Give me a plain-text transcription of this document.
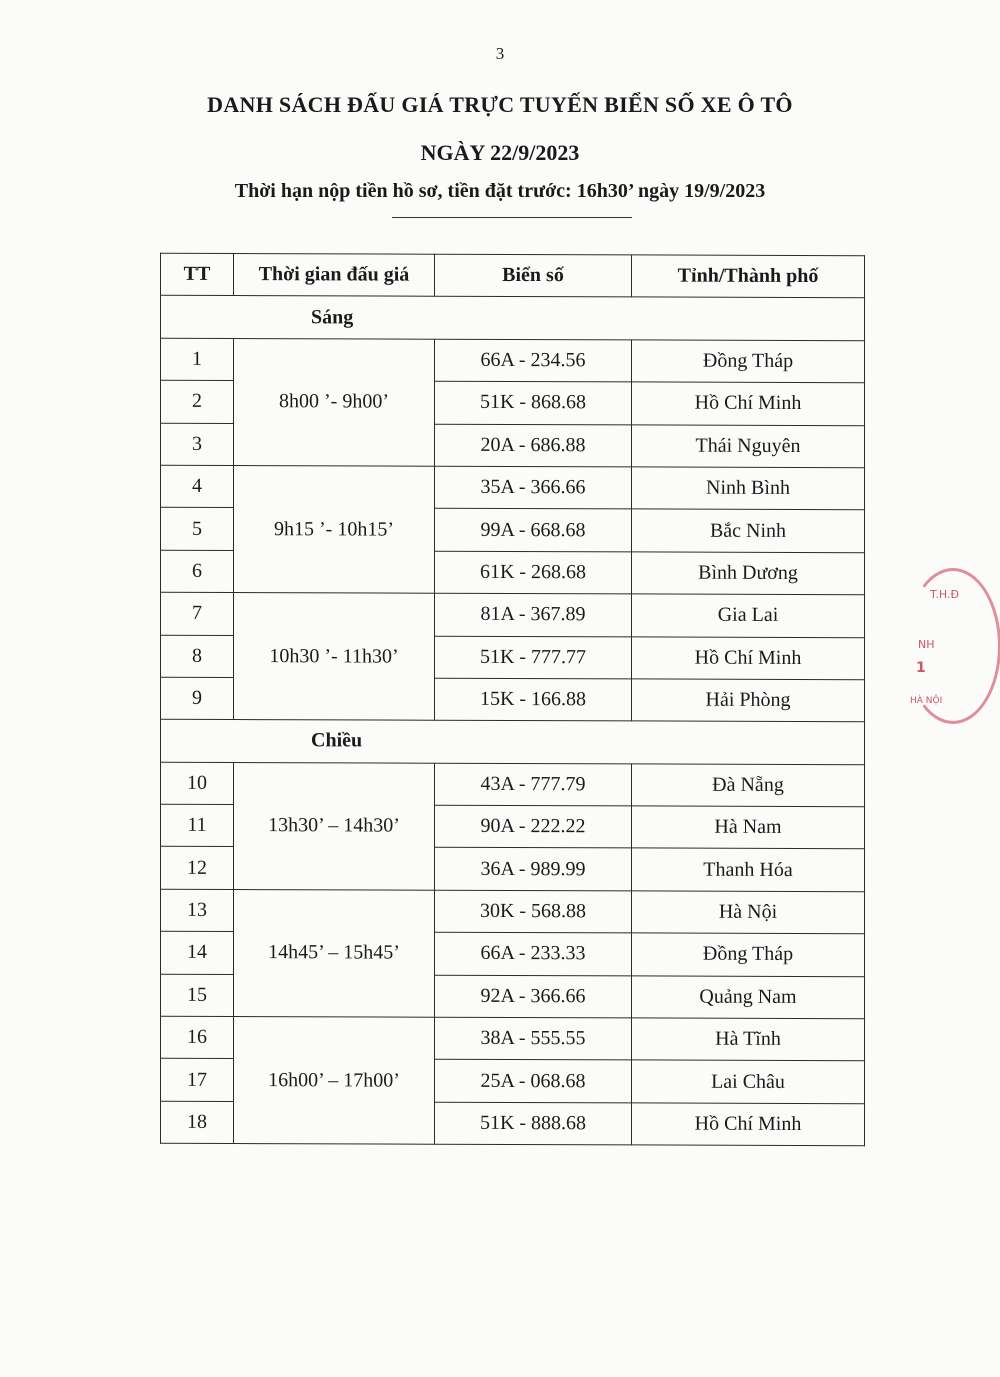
3
DANH SÁCH ĐẤU GIÁ TRỰC TUYẾN BIỂN SỐ XE Ô TÔ
NGÀY 22/9/2023
Thời hạn nộp tiền hồ sơ, tiền đặt trước: 16h30’ ngày 19/9/2023
TT	Thời gian đấu giá	Biển số	Tỉnh/Thành phố
Sáng			
1	8h00 ’- 9h00’	66A - 234.56	Đồng Tháp
2		51K - 868.68	Hồ Chí Minh
3		20A - 686.88	Thái Nguyên
4	9h15 ’- 10h15’	35A - 366.66	Ninh Bình
5		99A - 668.68	Bắc Ninh
6		61K - 268.68	Bình Dương
7	10h30 ’- 11h30’	81A - 367.89	Gia Lai
8		51K - 777.77	Hồ Chí Minh
9		15K - 166.88	Hải Phòng
Chiều			
10	13h30’ – 14h30’	43A - 777.79	Đà Nẵng
11		90A - 222.22	Hà Nam
12		36A - 989.99	Thanh Hóa
13	14h45’ – 15h45’	30K - 568.88	Hà Nội
14		66A - 233.33	Đồng Tháp
15		92A - 366.66	Quảng Nam
16	16h00’ – 17h00’	38A - 555.55	Hà Tĩnh
17		25A - 068.68	Lai Châu
18		51K - 888.68	Hồ Chí Minh
T.H.Đ
NH
1
HÀ NỘI
